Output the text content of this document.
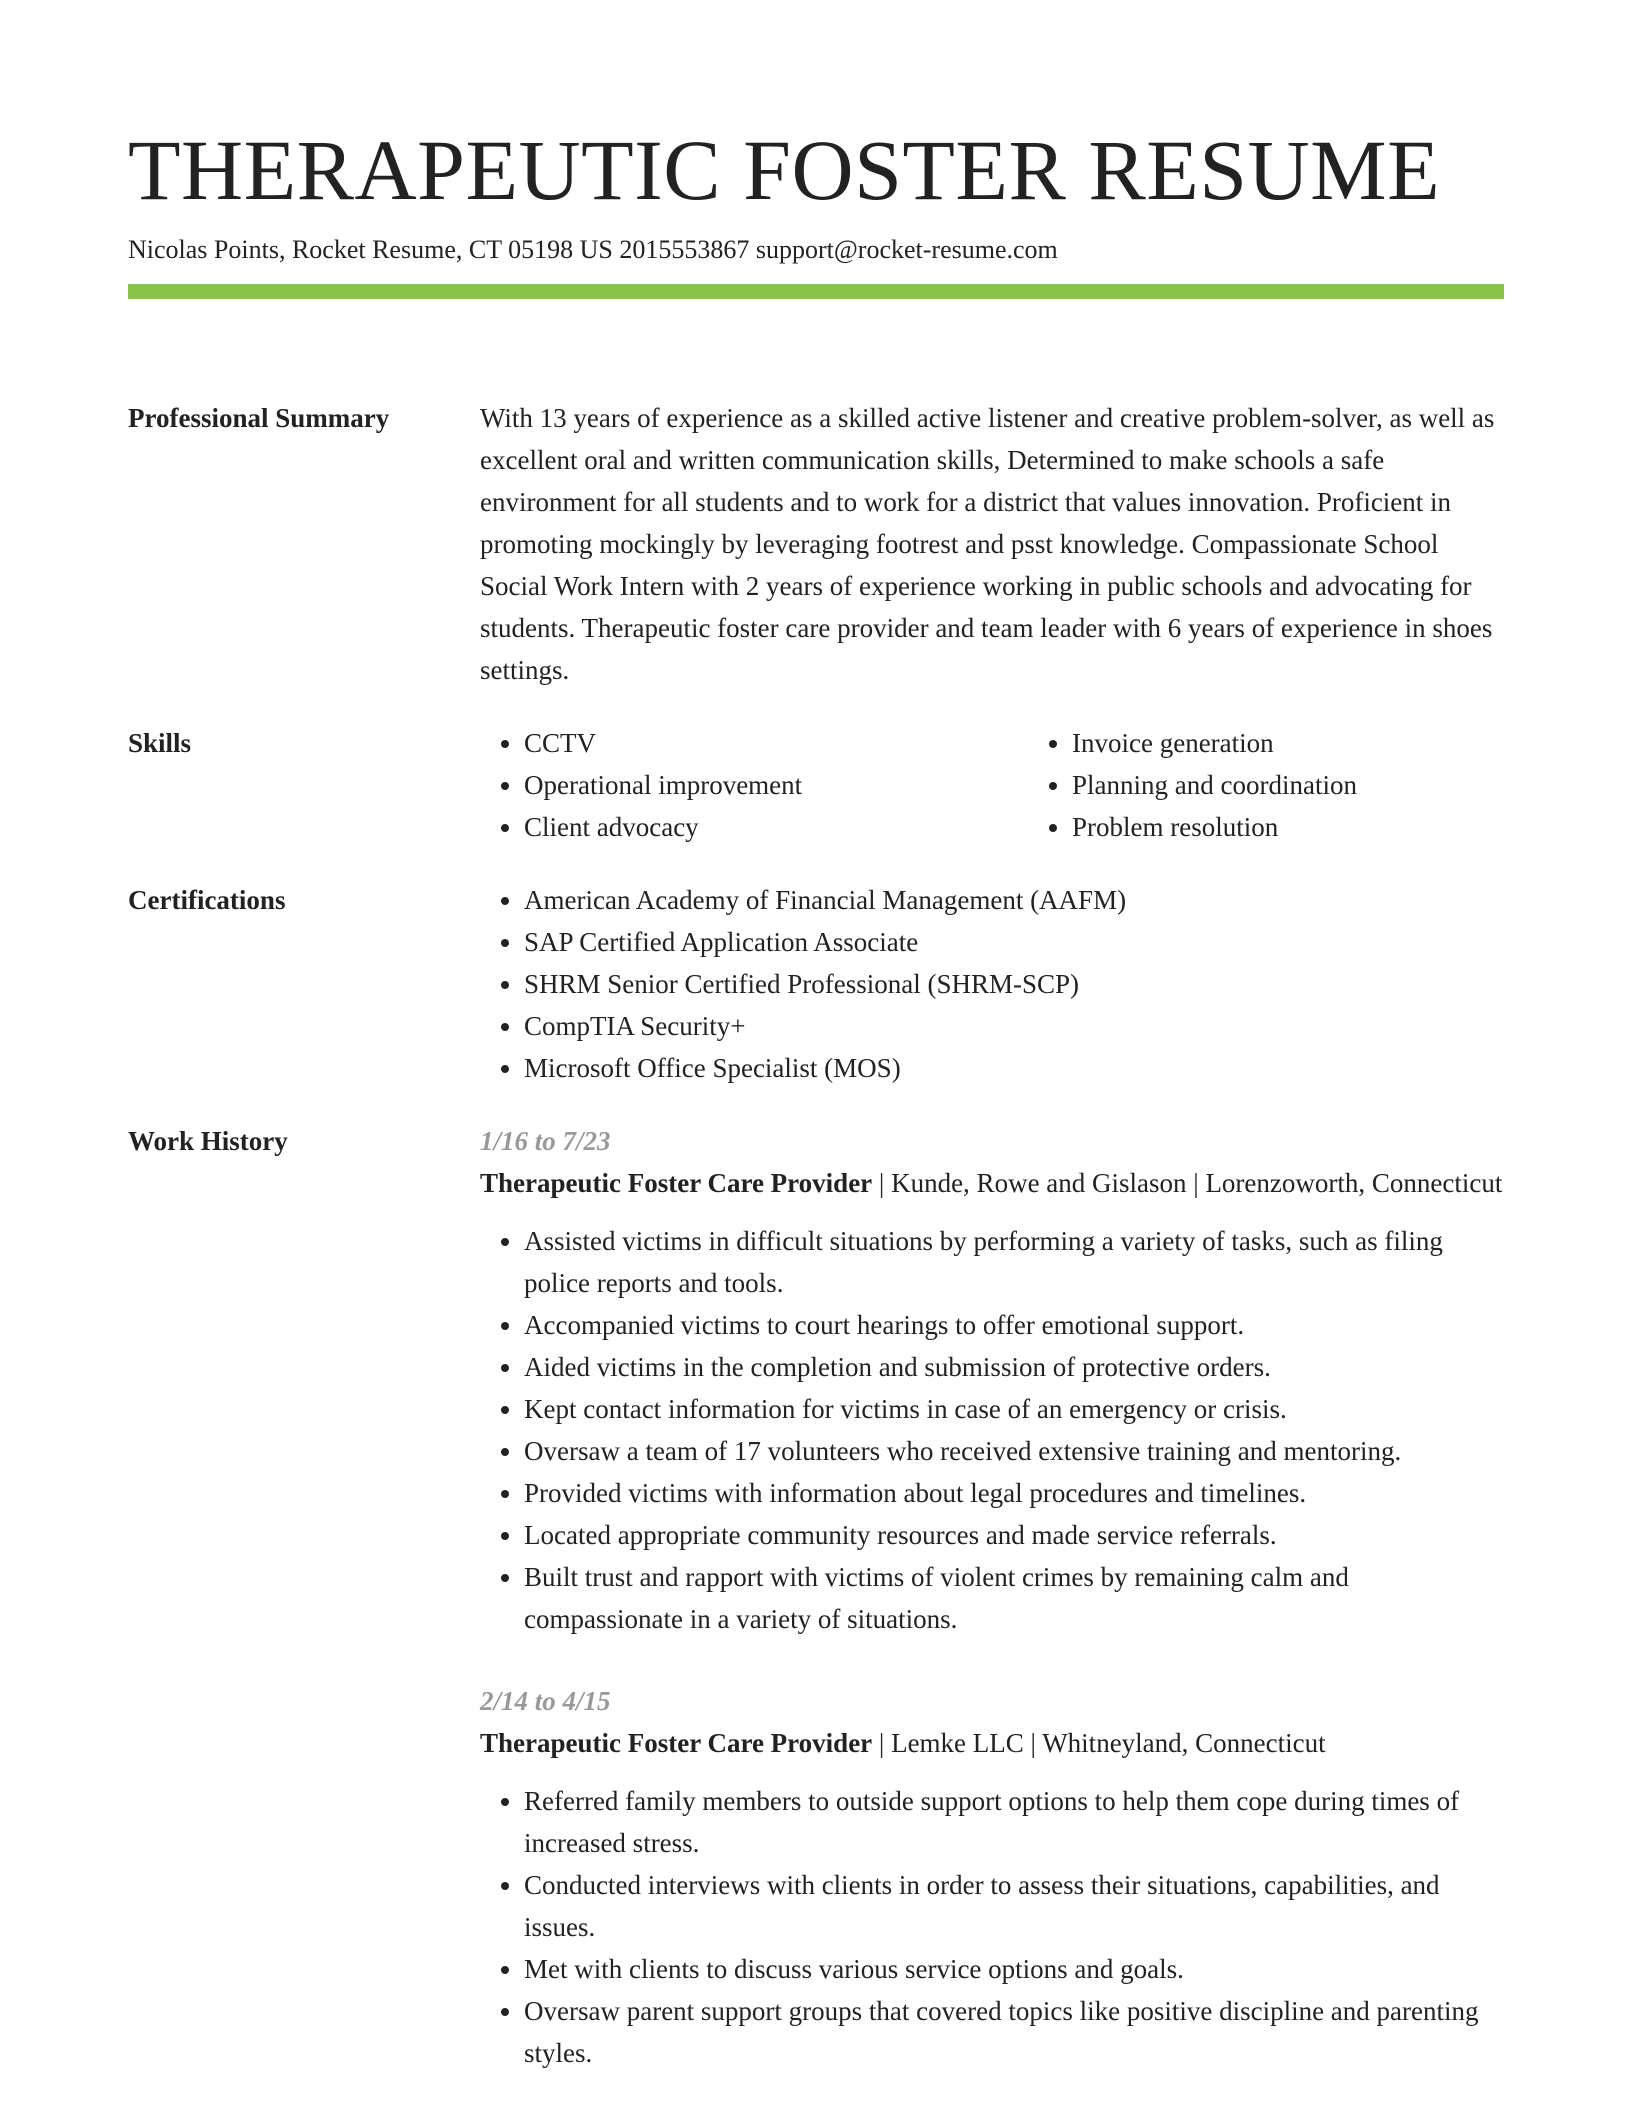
THERAPEUTIC FOSTER RESUME
Nicolas Points, Rocket Resume, CT 05198 US 2015553867 support@rocket-resume.com
Professional Summary	With 13 years of experience as a skilled active listener and creative problem-solver, as well as excellent oral and written communication skills, Determined to make schools a safe environment for all students and to work for a district that values innovation. Proficient in promoting mockingly by leveraging footrest and psst knowledge. Compassionate School Social Work Intern with 2 years of experience working in public schools and advocating for students. Therapeutic foster care provider and team leader with 6 years of experience in shoes settings.

Skills	• CCTV
• Operational improvement
• Client advocacy
• Invoice generation
• Planning and coordination
• Problem resolution
Certifications	• American Academy of Financial Management (AAFM)
• SAP Certified Application Associate
• SHRM Senior Certified Professional (SHRM-SCP)
• CompTIA Security+
• Microsoft Office Specialist (MOS)
Work History	1/16 to 7/23
Therapeutic Foster Care Provider | Kunde, Rowe and Gislason | Lorenzoworth, Connecticut
• Assisted victims in difficult situations by performing a variety of tasks, such as filing police reports and tools.
• Accompanied victims to court hearings to offer emotional support.
• Aided victims in the completion and submission of protective orders.
• Kept contact information for victims in case of an emergency or crisis.
• Oversaw a team of 17 volunteers who received extensive training and mentoring.
• Provided victims with information about legal procedures and timelines.
• Located appropriate community resources and made service referrals.
• Built trust and rapport with victims of violent crimes by remaining calm and compassionate in a variety of situations.
2/14 to 4/15
Therapeutic Foster Care Provider | Lemke LLC | Whitneyland, Connecticut
• Referred family members to outside support options to help them cope during times of increased stress.
• Conducted interviews with clients in order to assess their situations, capabilities, and issues.
• Met with clients to discuss various service options and goals.
• Oversaw parent support groups that covered topics like positive discipline and parenting styles.
